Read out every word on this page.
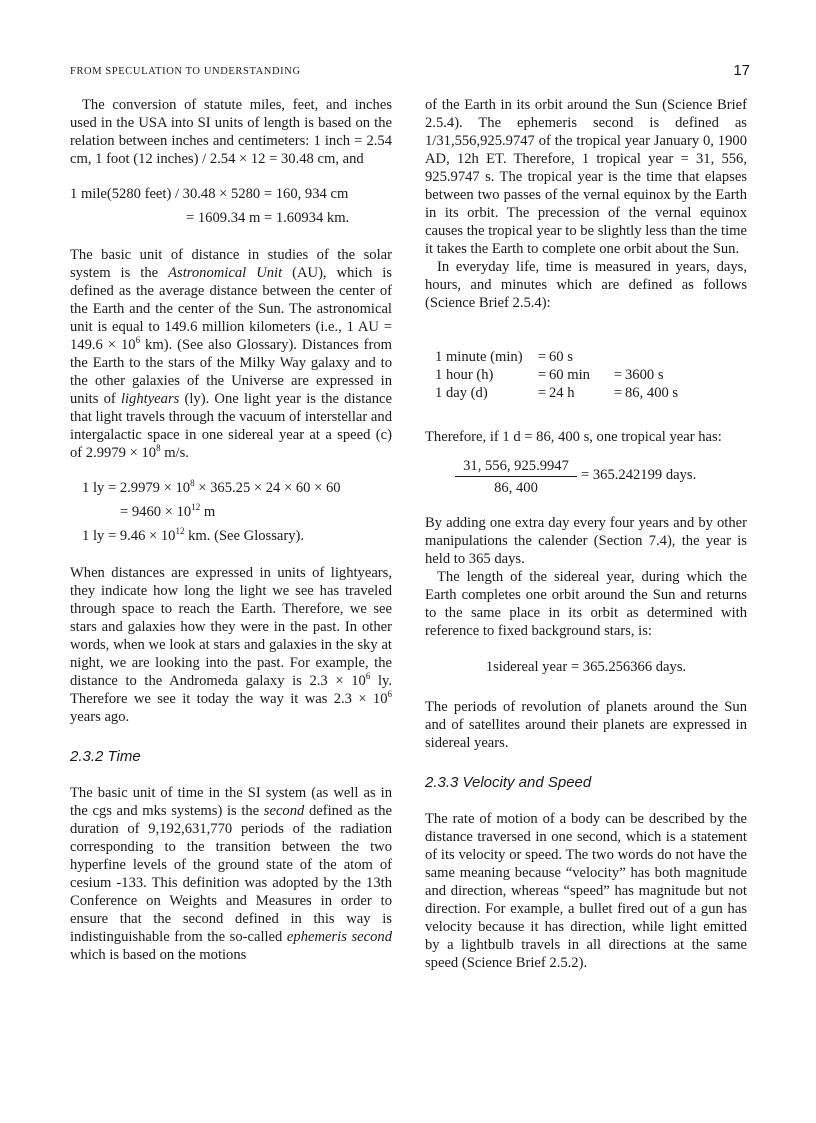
FROM SPECULATION TO UNDERSTANDING	17

The conversion of statute miles, feet, and inches used in the USA into SI units of length is based on the relation between inches and centimeters: 1 inch = 2.54 cm, 1 foot (12 inches) / 2.54 × 12 = 30.48 cm, and

1 mile(5280 feet) / 30.48 × 5280 = 160, 934 cm
= 1609.34 m = 1.60934 km.

The basic unit of distance in studies of the solar system is the Astronomical Unit (AU), which is defined as the average distance between the center of the Earth and the center of the Sun. The astronomical unit is equal to 149.6 million kilometers (i.e., 1 AU = $149.6 \times 10^6$ km). (See also Glossary). Distances from the Earth to the stars of the Milky Way galaxy and to the other galaxies of the Universe are expressed in units of lightyears (ly). One light year is the distance that light travels through the vacuum of interstellar and intergalactic space in one sidereal year at a speed (c) of $2.9979 \times 10^8$ m/s.

1 ly = $2.9979 \times 10^8 \times 365.25 \times 24 \times 60 \times 60$
= $9460 \times 10^{12}$ m
1 ly = $9.46 \times 10^{12}$ km. (See Glossary).

When distances are expressed in units of lightyears, they indicate how long the light we see has traveled through space to reach the Earth. Therefore, we see stars and galaxies how they were in the past. In other words, when we look at stars and galaxies in the sky at night, we are looking into the past. For example, the distance to the Andromeda galaxy is $2.3 \times 10^6$ ly. Therefore we see it today the way it was $2.3 \times 10^6$ years ago.

2.3.2 Time

The basic unit of time in the SI system (as well as in the cgs and mks systems) is the second defined as the duration of 9,192,631,770 periods of the radiation corresponding to the transition between the two hyperfine levels of the ground state of the atom of cesium -133. This definition was adopted by the 13th Conference on Weights and Measures in order to ensure that the second defined in this way is indistinguishable from the so-called ephemeris second which is based on the motions

of the Earth in its orbit around the Sun (Science Brief 2.5.4). The ephemeris second is defined as 1/31,556,925.9747 of the tropical year January 0, 1900 AD, 12h ET. Therefore, 1 tropical year = 31, 556, 925.9747 s. The tropical year is the time that elapses between two passes of the vernal equinox by the Earth in its orbit. The precession of the vernal equinox causes the tropical year to be slightly less than the time it takes the Earth to complete one orbit about the Sun.

In everyday life, time is measured in years, days, hours, and minutes which are defined as follows (Science Brief 2.5.4):

1 minute (min)	=	60 s		
1 hour (h)	=	60 min	=	3600 s
1 day (d)	=	24 h	=	86, 400 s

Therefore, if 1 d = 86, 400 s, one tropical year has:

31, 556, 925.9947
86, 400
= 365.242199 days.

By adding one extra day every four years and by other manipulations the calender (Section 7.4), the year is held to 365 days.

The length of the sidereal year, during which the Earth completes one orbit around the Sun and returns to the same place in its orbit as determined with reference to fixed background stars, is:

1sidereal year = 365.256366 days.

The periods of revolution of planets around the Sun and of satellites around their planets are expressed in sidereal years.

2.3.3 Velocity and Speed

The rate of motion of a body can be described by the distance traversed in one second, which is a statement of its velocity or speed. The two words do not have the same meaning because “velocity” has both magnitude and direction, whereas “speed” has magnitude but not direction. For example, a bullet fired out of a gun has velocity because it has direction, while light emitted by a lightbulb travels in all directions at the same speed (Science Brief 2.5.2).
